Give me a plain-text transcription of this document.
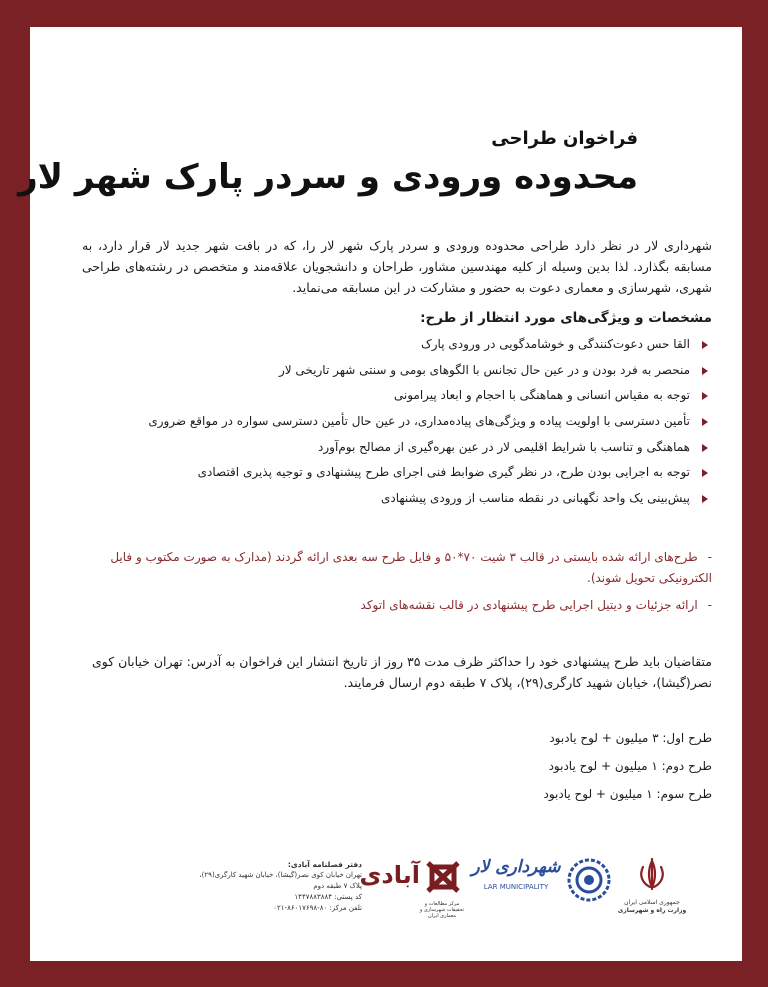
فراخوان طراحی
محدوده ورودی و سردر پارک شهر لار
شهرداری لار در نظر دارد طراحی محدوده ورودی و سردر پارک شهر لار را، که در بافت شهر جدید لار قرار دارد، به مسابقه بگذارد. لذا بدین وسیله از کلیه مهندسین مشاور، طراحان و دانشجویان علاقه‌مند و متخصص در رشته‌های طراحی شهری، شهرسازی و معماری دعوت به حضور و مشارکت در این مسابقه می‌نماید.
مشخصات و ویژگی‌های مورد انتظار از طرح:
القا حس دعوت‌کنندگی و خوشامدگویی در ورودی پارک
منحصر به فرد بودن و در عین حال تجانس با الگوهای بومی و سنتی شهر تاریخی لار
توجه به مقیاس انسانی و هماهنگی با احجام و ابعاد پیرامونی
تأمین دسترسی با اولویت پیاده و ویژگی‌های پیاده‌مداری، در عین حال تأمین دسترسی سواره در مواقع ضروری
هماهنگی و تناسب با شرایط اقلیمی لار در عین بهره‌گیری از مصالح بوم‌آورد
توجه به اجرایی بودن طرح، در نظر گیری ضوابط فنی اجرای طرح پیشنهادی و توجیه پذیری اقتصادی
پیش‌بینی یک واحد نگهبانی در نقطه مناسب از ورودی پیشنهادی
-طرح‌های ارائه شده بایستی در قالب ۳ شیت ۷۰*۵۰ و فایل طرح سه بعدی ارائه گردند (مدارک به صورت مکتوب و فایل الکترونیکی تحویل شوند).
-ارائه جزئیات و دیتیل اجرایی طرح پیشنهادی در قالب نقشه‌های اتوکد
متقاضیان باید طرح پیشنهادی خود را حداکثر ظرف مدت ۳۵ روز از تاریخ انتشار این فراخوان به آدرس: تهران خیابان کوی نصر(گیشا)، خیابان شهید کارگری(۲۹)، پلاک ۷ طبقه دوم ارسال فرمایند.
طرح اول: ۳ میلیون + لوح یادبود
طرح دوم: ۱ میلیون + لوح یادبود
طرح سوم: ۱ میلیون + لوح یادبود
جمهوری اسلامی ایران
وزارت راه و شهرسازی
شهرداری لار
LAR MUNICIPALITY
مرکز مطالعات و تحقیقات شهرسازی و معماری ایران
آبادی
دفتر فصلنامه آبادی:
تهران خیابان کوی نصر(گیشا)، خیابان شهید کارگری(۲۹)، پلاک ۷ طبقه دوم
کد پستی: ۱۴۴۷۸۸۳۸۸۴
تلفن مرکز: ۸۰-۸۶۰۱۷۶۹۸-۰۲۱
